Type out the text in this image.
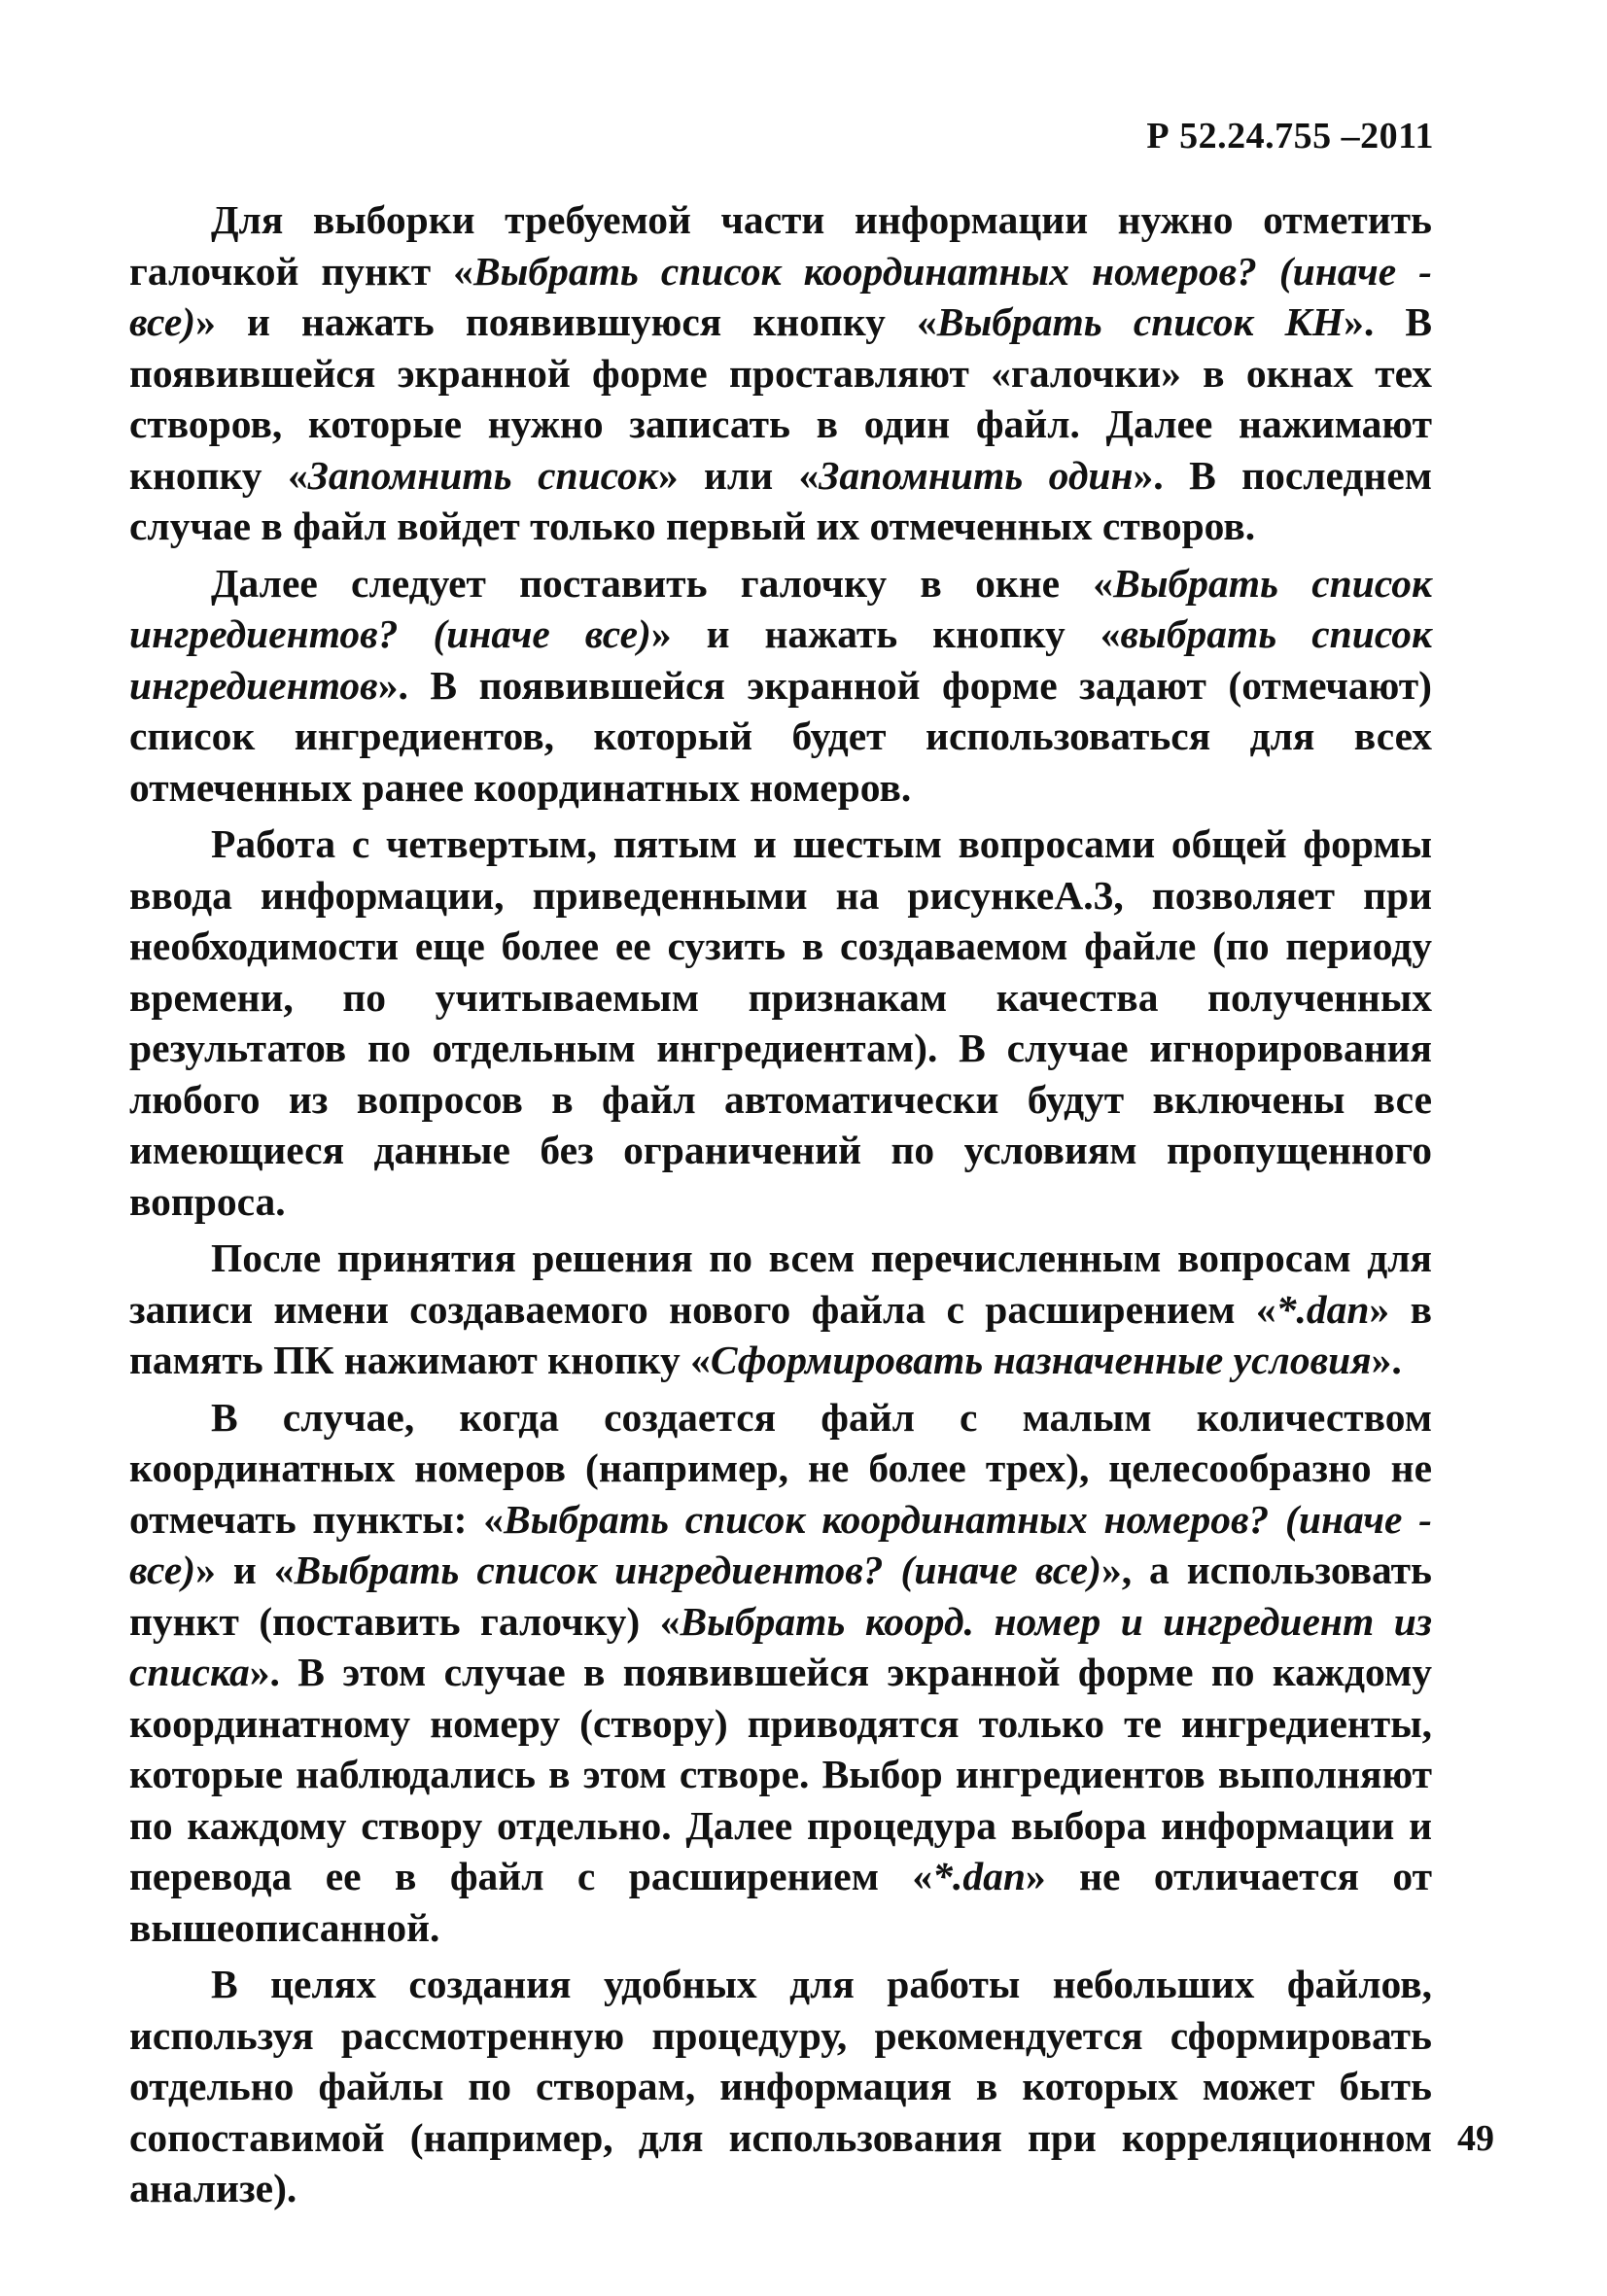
Р 52.24.755 –2011

Для выборки требуемой части информации нужно отметить галочкой пункт «Выбрать список координатных номеров? (иначе - все)» и нажать появившуюся кнопку «Выбрать список КН». В появившейся экранной форме проставляют «галочки» в окнах тех створов, которые нужно записать в один файл. Далее нажимают кнопку «Запомнить список» или «Запомнить один». В последнем случае в файл войдет только первый их отмеченных створов.

Далее следует поставить галочку в окне «Выбрать список ингредиентов? (иначе все)» и нажать кнопку «выбрать список ингредиентов». В появившейся экранной форме задают (отмечают) список ингредиентов, который будет использоваться для всех отмеченных ранее координатных номеров.

Работа с четвертым, пятым и шестым вопросами общей формы ввода информации, приведенными на рисункеА.3, позволяет при необходимости еще более ее сузить в создаваемом файле (по периоду времени, по учитываемым признакам качества полученных результатов по отдельным ингредиентам). В случае игнорирования любого из вопросов в файл автоматически будут включены все имеющиеся данные без ограничений по условиям пропущенного вопроса.

После принятия решения по всем перечисленным вопросам для записи имени создаваемого нового файла с расширением «*.dan» в память ПК нажимают кнопку «Сформировать назначенные условия».

В случае, когда создается файл с малым количеством координатных номеров (например, не более трех), целесообразно не отмечать пункты: «Выбрать список координатных номеров? (иначе - все)» и «Выбрать список ингредиентов? (иначе все)», а использовать пункт (поставить галочку) «Выбрать коорд. номер и ингредиент из списка». В этом случае в появившейся экранной форме по каждому координатному номеру (створу) приводятся только те ингредиенты, которые наблюдались в этом створе. Выбор ингредиентов выполняют по каждому створу отдельно. Далее процедура выбора информации и перевода ее в файл с расширением «*.dan» не отличается от вышеописанной.

В целях создания удобных для работы небольших файлов, используя рассмотренную процедуру, рекомендуется сформировать отдельно файлы по створам, информация в которых может быть сопоставимой (например, для использования при корреляционном анализе).

49
